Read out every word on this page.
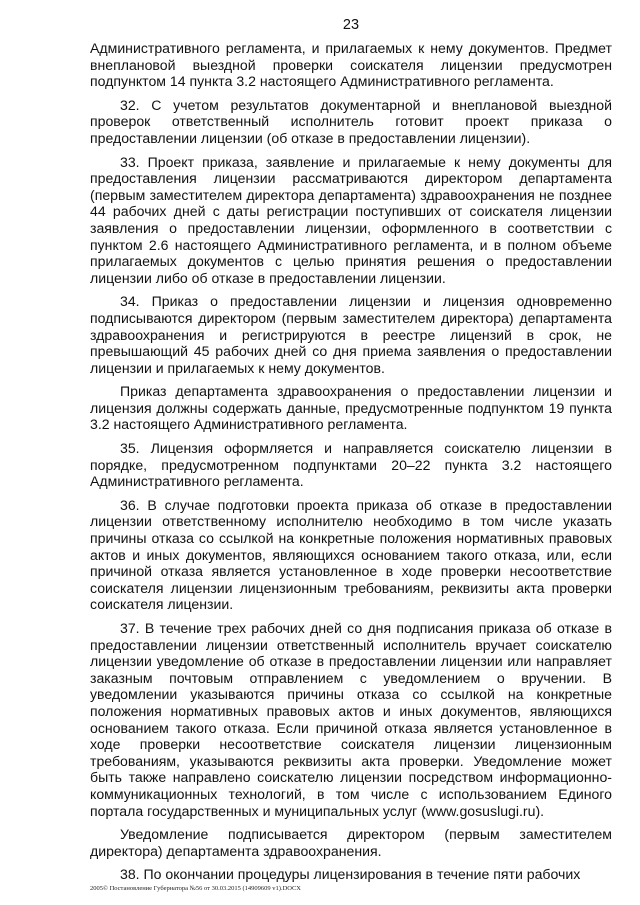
23

Административного регламента, и прилагаемых к нему документов. Предмет внеплановой выездной проверки соискателя лицензии предусмотрен подпунктом 14 пункта 3.2 настоящего Административного регламента.

32. С учетом результатов документарной и внеплановой выездной проверок ответственный исполнитель готовит проект приказа о предоставлении лицензии (об отказе в предоставлении лицензии).

33. Проект приказа, заявление и прилагаемые к нему документы для предоставления лицензии рассматриваются директором департамента (первым заместителем директора департамента) здравоохранения не позднее 44 рабочих дней с даты регистрации поступивших от соискателя лицензии заявления о предоставлении лицензии, оформленного в соответствии с пунктом 2.6 настоящего Административного регламента, и в полном объеме прилагаемых документов с целью принятия решения о предоставлении лицензии либо об отказе в предоставлении лицензии.

34. Приказ о предоставлении лицензии и лицензия одновременно подписываются директором (первым заместителем директора) департамента здравоохранения и регистрируются в реестре лицензий в срок, не превышающий 45 рабочих дней со дня приема заявления о предоставлении лицензии и прилагаемых к нему документов.

Приказ департамента здравоохранения о предоставлении лицензии и лицензия должны содержать данные, предусмотренные подпунктом 19 пункта 3.2 настоящего Административного регламента.

35. Лицензия оформляется и направляется соискателю лицензии в порядке, предусмотренном подпунктами 20–22 пункта 3.2 настоящего Административного регламента.

36. В случае подготовки проекта приказа об отказе в предоставлении лицензии ответственному исполнителю необходимо в том числе указать причины отказа со ссылкой на конкретные положения нормативных правовых актов и иных документов, являющихся основанием такого отказа, или, если причиной отказа является установленное в ходе проверки несоответствие соискателя лицензии лицензионным требованиям, реквизиты акта проверки соискателя лицензии.

37. В течение трех рабочих дней со дня подписания приказа об отказе в предоставлении лицензии ответственный исполнитель вручает соискателю лицензии уведомление об отказе в предоставлении лицензии или направляет заказным почтовым отправлением с уведомлением о вручении. В уведомлении указываются причины отказа со ссылкой на конкретные положения нормативных правовых актов и иных документов, являющихся основанием такого отказа. Если причиной отказа является установленное в ходе проверки несоответствие соискателя лицензии лицензионным требованиям, указываются реквизиты акта проверки. Уведомление может быть также направлено соискателю лицензии посредством информационно-коммуникационных технологий, в том числе с использованием Единого портала государственных и муниципальных услуг (www.gosuslugi.ru).

Уведомление подписывается директором (первым заместителем директора) департамента здравоохранения.

38. По окончании процедуры лицензирования в течение пяти рабочих

2005© Постановление Губернатора №56 от 30.03.2015 (14909609 v1).DOCX
